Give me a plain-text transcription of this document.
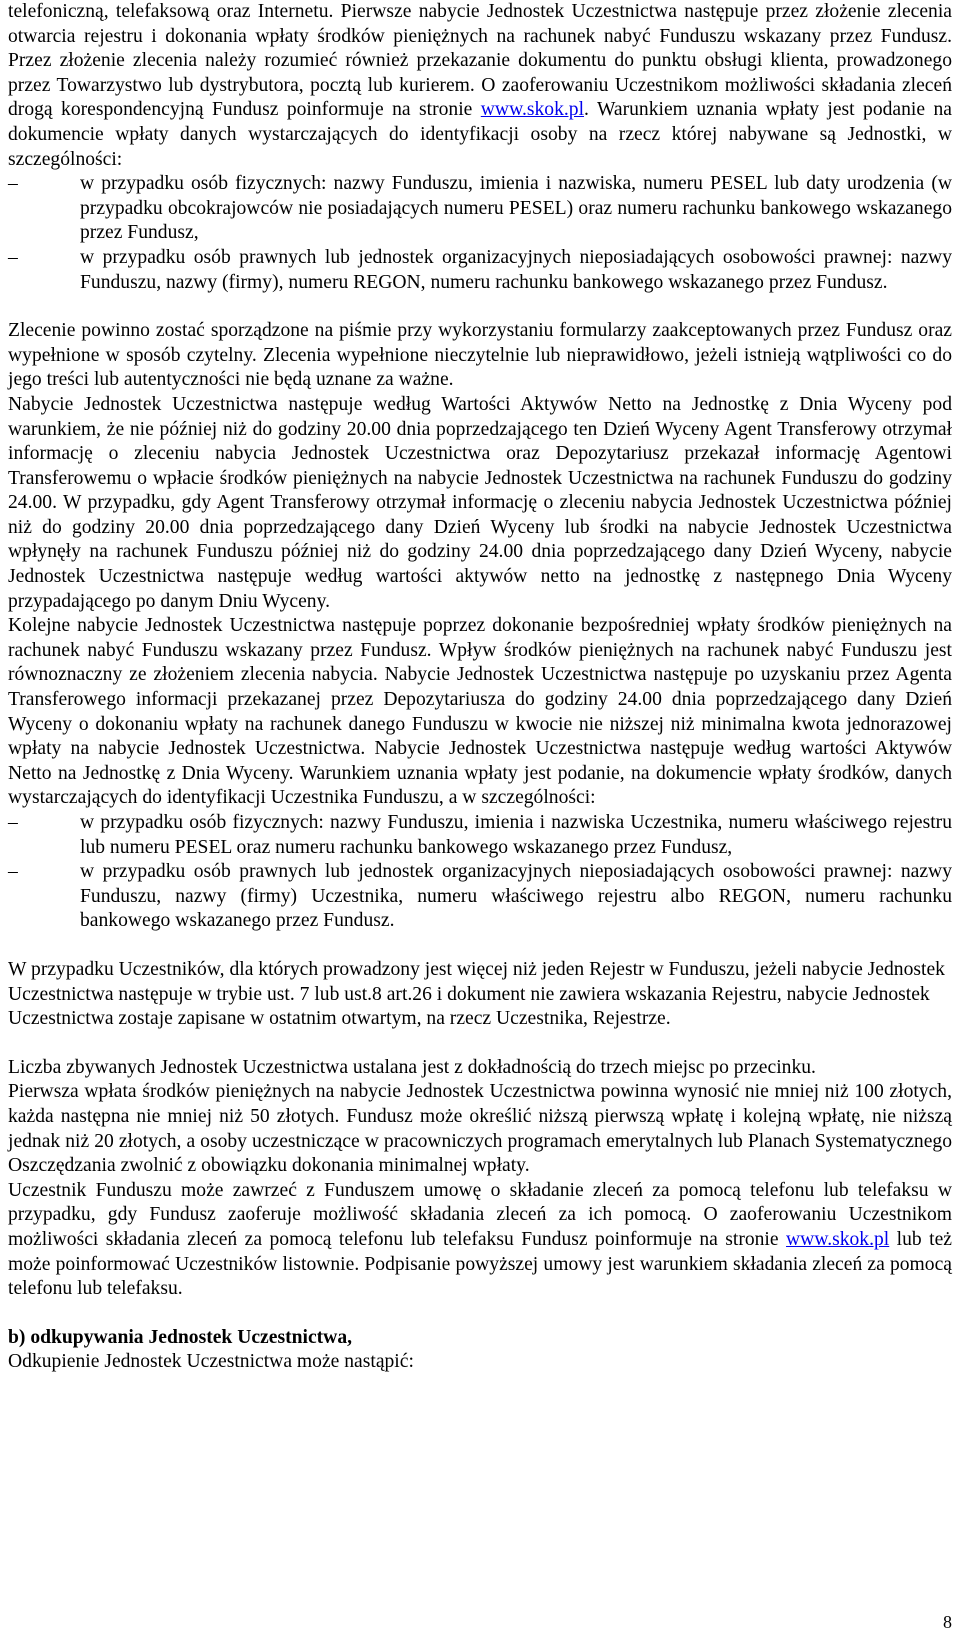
telefoniczną, telefaksową oraz Internetu. Pierwsze nabycie Jednostek Uczestnictwa następuje przez złożenie zlecenia otwarcia rejestru i dokonania wpłaty środków pieniężnych na rachunek nabyć Funduszu wskazany przez Fundusz. Przez złożenie zlecenia należy rozumieć również przekazanie dokumentu do punktu obsługi klienta, prowadzonego przez Towarzystwo lub dystrybutora, pocztą lub kurierem. O zaoferowaniu Uczestnikom możliwości składania zleceń drogą korespondencyjną Fundusz poinformuje na stronie www.skok.pl. Warunkiem uznania wpłaty jest podanie na dokumencie wpłaty danych wystarczających do identyfikacji osoby na rzecz której nabywane są Jednostki, w szczególności:

–	w przypadku osób fizycznych: nazwy Funduszu, imienia i nazwiska, numeru PESEL lub daty urodzenia (w przypadku obcokrajowców nie posiadających numeru PESEL) oraz numeru rachunku bankowego wskazanego przez Fundusz,
–	w przypadku osób prawnych lub jednostek organizacyjnych nieposiadających osobowości prawnej: nazwy Funduszu, nazwy (firmy), numeru REGON, numeru rachunku bankowego wskazanego przez Fundusz.

Zlecenie powinno zostać sporządzone na piśmie przy wykorzystaniu formularzy zaakceptowanych przez Fundusz oraz wypełnione w sposób czytelny. Zlecenia wypełnione nieczytelnie lub nieprawidłowo, jeżeli istnieją wątpliwości co do jego treści lub autentyczności nie będą uznane za ważne.

Nabycie Jednostek Uczestnictwa następuje według Wartości Aktywów Netto na Jednostkę z Dnia Wyceny pod warunkiem, że nie później niż do godziny 20.00 dnia poprzedzającego ten Dzień Wyceny Agent Transferowy otrzymał informację o zleceniu nabycia Jednostek Uczestnictwa oraz Depozytariusz przekazał informację Agentowi Transferowemu o wpłacie środków pieniężnych na nabycie Jednostek Uczestnictwa na rachunek Funduszu do godziny 24.00. W przypadku, gdy Agent Transferowy otrzymał informację o zleceniu nabycia Jednostek Uczestnictwa później niż do godziny 20.00 dnia poprzedzającego dany Dzień Wyceny lub środki na nabycie Jednostek Uczestnictwa wpłynęły na rachunek Funduszu później niż do godziny 24.00 dnia poprzedzającego dany Dzień Wyceny, nabycie Jednostek Uczestnictwa następuje według wartości aktywów netto na jednostkę z następnego Dnia Wyceny przypadającego po danym Dniu Wyceny.

Kolejne nabycie Jednostek Uczestnictwa następuje poprzez dokonanie bezpośredniej wpłaty środków pieniężnych na rachunek nabyć Funduszu wskazany przez Fundusz. Wpływ środków pieniężnych na rachunek nabyć Funduszu jest równoznaczny ze złożeniem zlecenia nabycia. Nabycie Jednostek Uczestnictwa następuje po uzyskaniu przez Agenta Transferowego informacji przekazanej przez Depozytariusza do godziny 24.00 dnia poprzedzającego dany Dzień Wyceny o dokonaniu wpłaty na rachunek danego Funduszu w kwocie nie niższej niż minimalna kwota jednorazowej wpłaty na nabycie Jednostek Uczestnictwa. Nabycie Jednostek Uczestnictwa następuje według wartości Aktywów Netto na Jednostkę z Dnia Wyceny. Warunkiem uznania wpłaty jest podanie, na dokumencie wpłaty środków, danych wystarczających do identyfikacji Uczestnika Funduszu, a w szczególności:

–	w przypadku osób fizycznych: nazwy Funduszu, imienia i nazwiska Uczestnika, numeru właściwego rejestru lub numeru PESEL oraz numeru rachunku bankowego wskazanego przez Fundusz,
–	w przypadku osób prawnych lub jednostek organizacyjnych nieposiadających osobowości prawnej: nazwy Funduszu, nazwy (firmy) Uczestnika, numeru właściwego rejestru albo REGON, numeru rachunku bankowego wskazanego przez Fundusz.

W przypadku Uczestników, dla których prowadzony jest więcej niż jeden Rejestr w Funduszu, jeżeli nabycie Jednostek Uczestnictwa następuje w trybie ust. 7 lub ust.8 art.26 i dokument nie zawiera wskazania Rejestru, nabycie Jednostek Uczestnictwa zostaje zapisane w ostatnim otwartym, na rzecz Uczestnika, Rejestrze.

Liczba zbywanych Jednostek Uczestnictwa ustalana jest z dokładnością do trzech miejsc po przecinku.

Pierwsza wpłata środków pieniężnych na nabycie Jednostek Uczestnictwa powinna wynosić nie mniej niż 100 złotych, każda następna nie mniej niż 50 złotych. Fundusz może określić niższą pierwszą wpłatę i kolejną wpłatę, nie niższą jednak niż 20 złotych, a osoby uczestniczące w pracowniczych programach emerytalnych lub Planach Systematycznego Oszczędzania zwolnić z obowiązku dokonania minimalnej wpłaty.

Uczestnik Funduszu może zawrzeć z Funduszem umowę o składanie zleceń za pomocą telefonu lub telefaksu w przypadku, gdy Fundusz zaoferuje możliwość składania zleceń za ich pomocą. O zaoferowaniu Uczestnikom możliwości składania zleceń za pomocą telefonu lub telefaksu Fundusz poinformuje na stronie www.skok.pl lub też może poinformować Uczestników listownie. Podpisanie powyższej umowy jest warunkiem składania zleceń za pomocą telefonu lub telefaksu.

b) odkupywania Jednostek Uczestnictwa,

Odkupienie Jednostek Uczestnictwa może nastąpić:

8
